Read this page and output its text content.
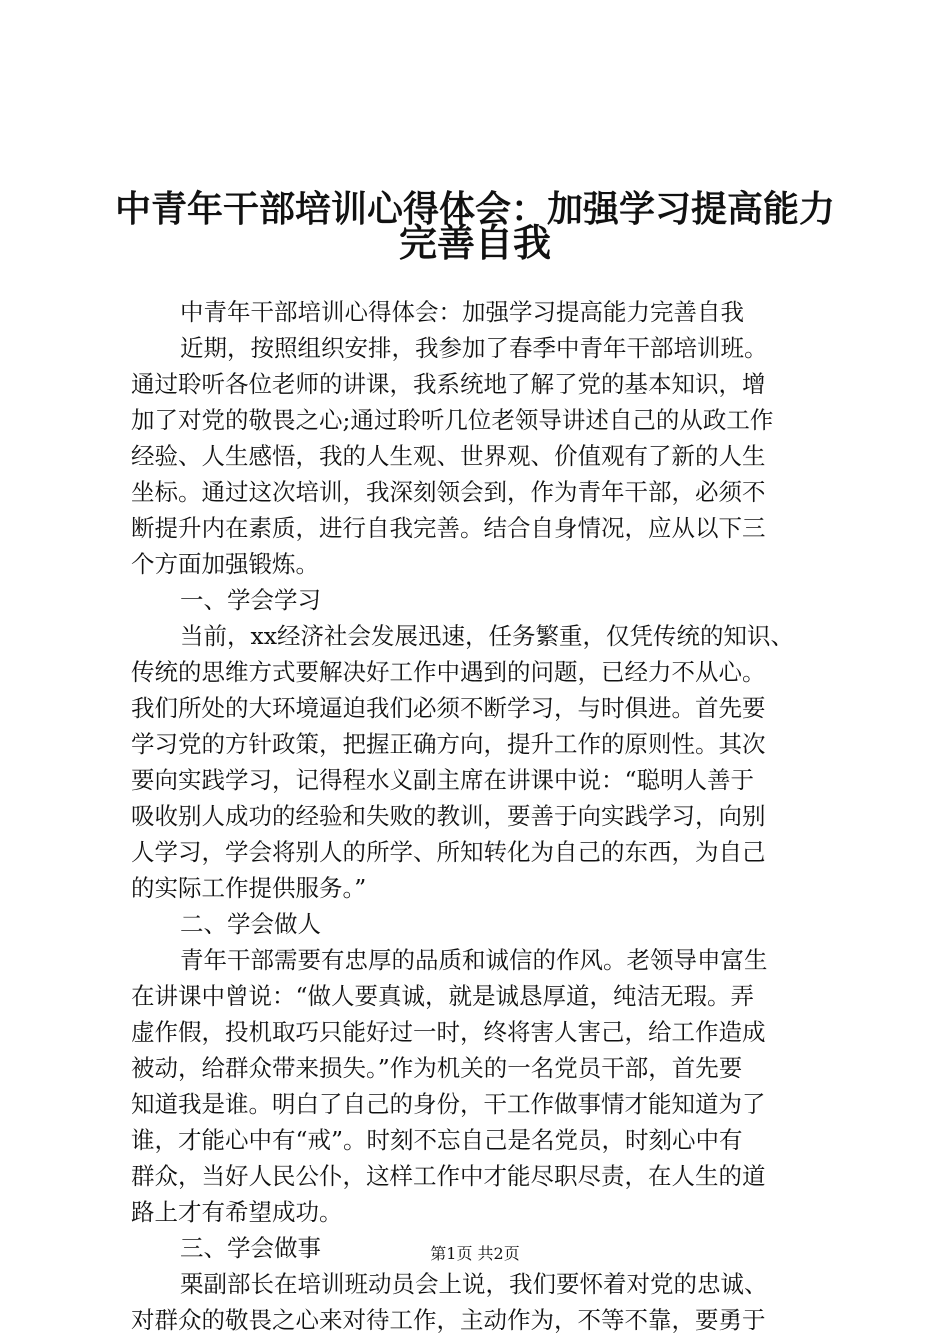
中青年干部培训心得体会：加强学习提高能力
完善自我
中青年干部培训心得体会：加强学习提高能力完善自我
近期，按照组织安排，我参加了春季中青年干部培训班。
通过聆听各位老师的讲课，我系统地了解了党的基本知识，增
加了对党的敬畏之心;通过聆听几位老领导讲述自己的从政工作
经验、人生感悟，我的人生观、世界观、价值观有了新的人生
坐标。通过这次培训，我深刻领会到，作为青年干部，必须不
断提升内在素质，进行自我完善。结合自身情况，应从以下三
个方面加强锻炼。
一、学会学习
当前，xx经济社会发展迅速，任务繁重，仅凭传统的知识、
传统的思维方式要解决好工作中遇到的问题，已经力不从心。
我们所处的大环境逼迫我们必须不断学习，与时俱进。首先要
学习党的方针政策，把握正确方向，提升工作的原则性。其次
要向实践学习，记得程水义副主席在讲课中说：“聪明人善于
吸收别人成功的经验和失败的教训，要善于向实践学习，向别
人学习，学会将别人的所学、所知转化为自己的东西，为自己
的实际工作提供服务。”
二、学会做人
青年干部需要有忠厚的品质和诚信的作风。老领导申富生
在讲课中曾说：“做人要真诚，就是诚恳厚道，纯洁无瑕。弄
虚作假，投机取巧只能好过一时，终将害人害己，给工作造成
被动，给群众带来损失。”作为机关的一名党员干部，首先要
知道我是谁。明白了自己的身份，干工作做事情才能知道为了
谁，才能心中有“戒”。时刻不忘自己是名党员，时刻心中有
群众，当好人民公仆，这样工作中才能尽职尽责，在人生的道
路上才有希望成功。
三、学会做事
栗副部长在培训班动员会上说，我们要怀着对党的忠诚、
对群众的敬畏之心来对待工作，主动作为，不等不靠，要勇于
第1页 共2页
